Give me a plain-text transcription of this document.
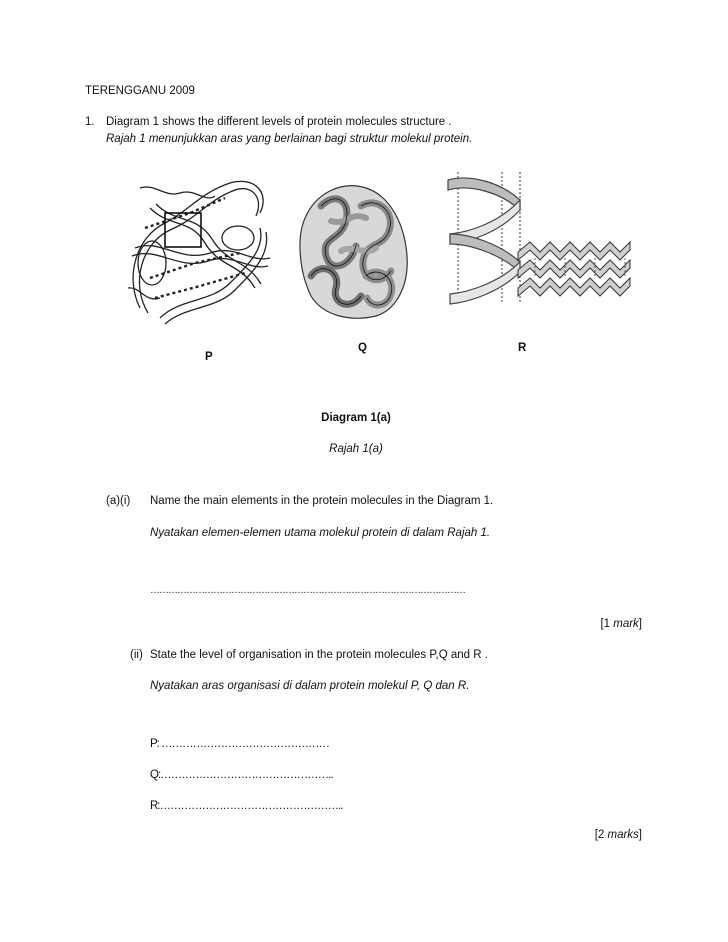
TERENGGANU 2009
1. Diagram 1 shows the different levels of protein molecules structure .
Rajah 1 menunjukkan aras yang berlainan bagi struktur molekul protein.
P
Q	R
Diagram 1(a)
Rajah 1(a)
(a)(i) Name the main elements in the protein molecules in the Diagram 1.
Nyatakan elemen-elemen utama molekul protein di dalam Rajah 1.
……………………………………………………………………………………………
[1 mark]
(ii) State the level of organisation in the protein molecules P,Q and R .
Nyatakan aras organisasi di dalam protein molekul P, Q dan R.
P: …………………………………………
Q:…………………………………………..
R:……………………………………………..
[2 marks]
